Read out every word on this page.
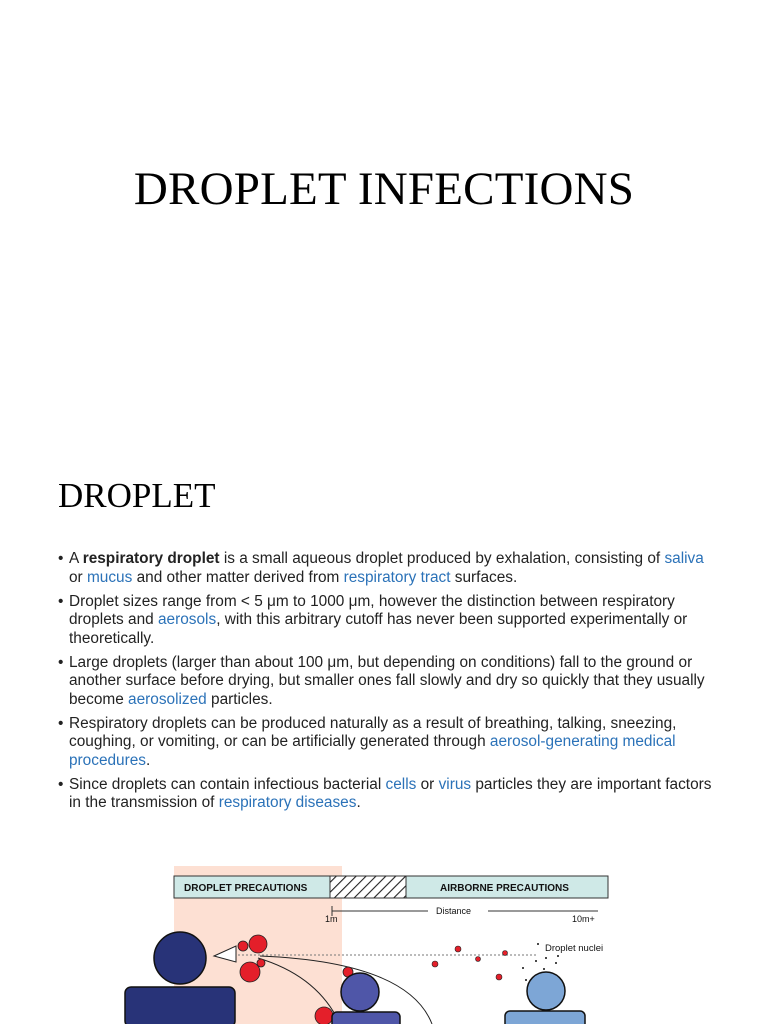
DROPLET INFECTIONS
DROPLET
• A respiratory droplet is a small aqueous droplet produced by exhalation, consisting of saliva or mucus and other matter derived from respiratory tract surfaces.
• Droplet sizes range from < 5 μm to 1000 μm, however the distinction between respiratory droplets and aerosols, with this arbitrary cutoff has never been supported experimentally or theoretically.
• Large droplets (larger than about 100 μm, but depending on conditions) fall to the ground or another surface before drying, but smaller ones fall slowly and dry so quickly that they usually become aerosolized particles.
• Respiratory droplets can be produced naturally as a result of breathing, talking, sneezing, coughing, or vomiting, or can be artificially generated through aerosol-generating medical procedures.
• Since droplets can contain infectious bacterial cells or virus particles they are important factors in the transmission of respiratory diseases.
DROPLET PRECAUTIONS	AIRBORNE PRECAUTIONS
1m
Distance
10m+
Droplet nuclei
